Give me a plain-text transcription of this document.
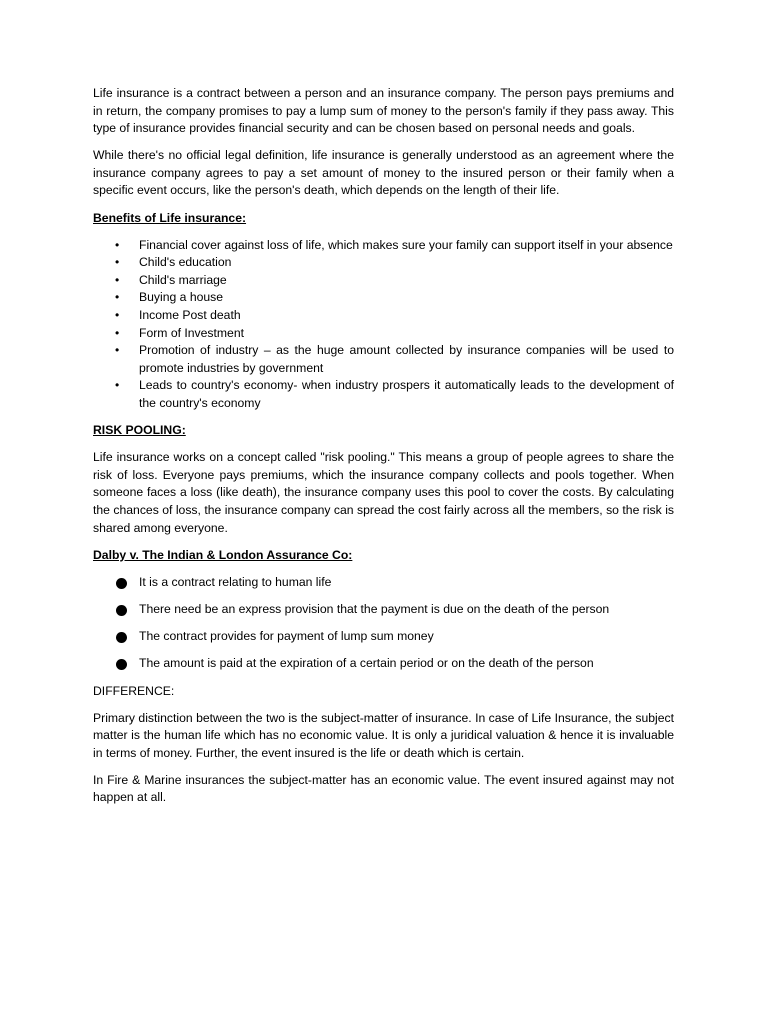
Life insurance is a contract between a person and an insurance company. The person pays premiums and in return, the company promises to pay a lump sum of money to the person's family if they pass away. This type of insurance provides financial security and can be chosen based on personal needs and goals.

While there's no official legal definition, life insurance is generally understood as an agreement where the insurance company agrees to pay a set amount of money to the insured person or their family when a specific event occurs, like the person's death, which depends on the length of their life.

Benefits of Life insurance:

• Financial cover against loss of life, which makes sure your family can support itself in your absence
• Child's education
• Child's marriage
• Buying a house
• Income Post death
• Form of Investment
• Promotion of industry – as the huge amount collected by insurance companies will be used to promote industries by government
• Leads to country's economy- when industry prospers it automatically leads to the development of the country's economy

RISK POOLING:

Life insurance works on a concept called "risk pooling." This means a group of people agrees to share the risk of loss. Everyone pays premiums, which the insurance company collects and pools together. When someone faces a loss (like death), the insurance company uses this pool to cover the costs. By calculating the chances of loss, the insurance company can spread the cost fairly across all the members, so the risk is shared among everyone.

Dalby v. The Indian & London Assurance Co:

It is a contract relating to human life
There need be an express provision that the payment is due on the death of the person
The contract provides for payment of lump sum money
The amount is paid at the expiration of a certain period or on the death of the person

DIFFERENCE:

Primary distinction between the two is the subject-matter of insurance. In case of Life Insurance, the subject matter is the human life which has no economic value. It is only a juridical valuation & hence it is invaluable in terms of money. Further, the event insured is the life or death which is certain.

In Fire & Marine insurances the subject-matter has an economic value. The event insured against may not happen at all.
